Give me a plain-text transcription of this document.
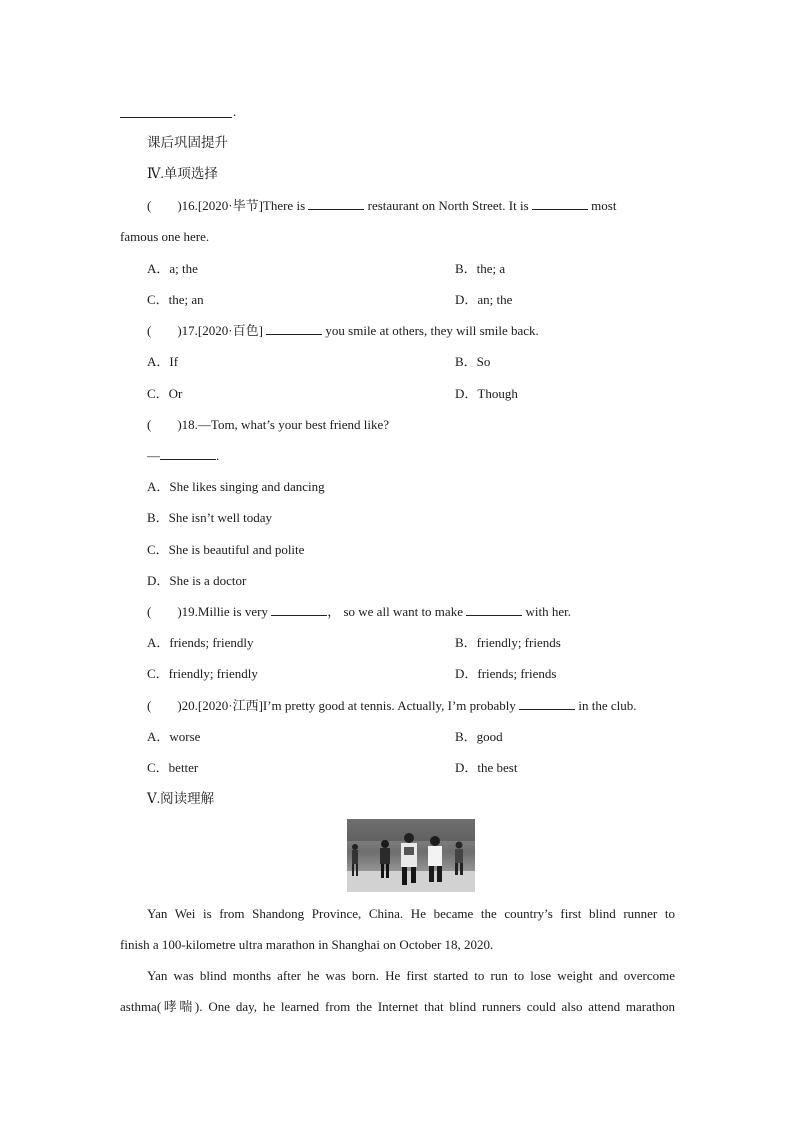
.
课后巩固提升
Ⅳ.单项选择
(　　)16.[2020·毕节]There is	restaurant on North Street. It is	most
famous one here.
A．a; the	B．the; a
C．the; an	D．an; the
(　　)17.[2020·百色]	you smile at others, they will smile back.
A．If	B．So
C．Or	D．Though
(　　)18.—Tom, what’s your best friend like?
—	.
A．She likes singing and dancing
B．She isn’t well today
C．She is beautiful and polite
D．She is a doctor
(　　)19.Millie is very	， so we all want to make	with her.
A．friends; friendly	B．friendly; friends
C．friendly; friendly	D．friends; friends
(　　)20.[2020·江西]I’m pretty good at tennis. Actually, I’m probably	in the club.
A．worse	B．good
C．better	D．the best
Ⅴ.阅读理解
Yan Wei is from Shandong Province, China. He became the country’s first blind runner to
finish a 100-kilometre ultra marathon in Shanghai on October 18, 2020.
Yan was blind months after he was born. He first started to run to lose weight and overcome
asthma(哮喘). One day, he learned from the Internet that blind runners could also attend marathon
